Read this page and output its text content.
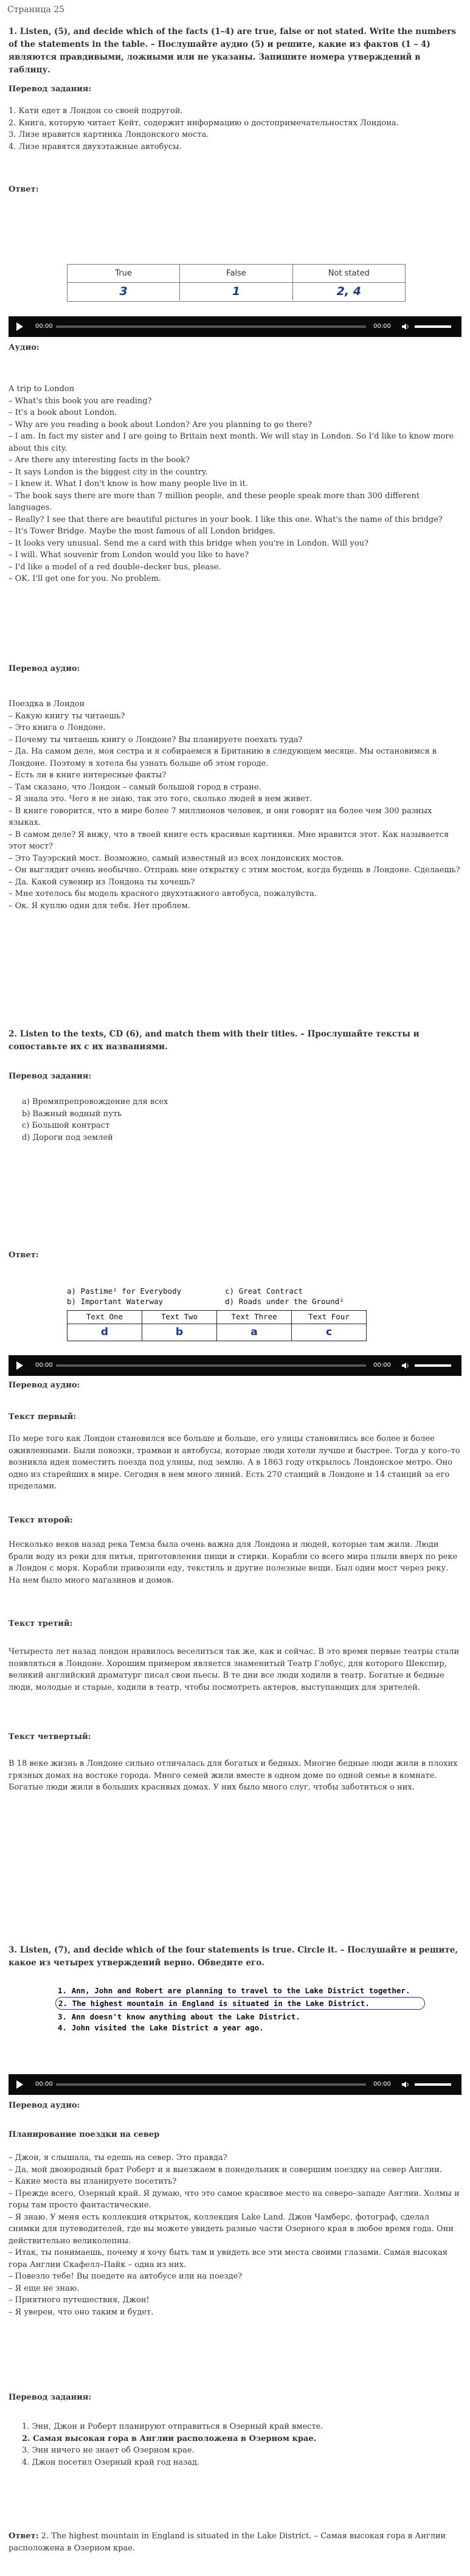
Страница 25

1. Listen, (5), and decide which of the facts (1–4) are true, false or not stated. Write the numbers of the statements in the table. – Послушайте аудио (5) и решите, какие из фактов (1 – 4) являются правдивыми, ложными или не указаны. Запишите номера утверждений в таблицу.

Перевод задания:

1. Кати едет в Лондон со своей подругой.

2. Книга, которую читает Кейт, содержит информацию о достопримечательностях Лондона.

3. Лизе нравится картинка Лондонского моста.

4. Лизе нравятся двухэтажные автобусы.

Ответ:

True	False	Not stated
3	1	2, 4
00:00	00:00

Аудио:

A trip to London

– What's this book you are reading?

– It's a book about London.

– Why are you reading a book about London? Are you planning to go there?

– I am. In fact my sister and I are going to Britain next month. We will stay in London. So I'd like to know more about this city.

– Are there any interesting facts in the book?

– It says London is the biggest city in the country.

– I knew it. What I don't know is how many people live in it.

– The book says there are more than 7 million people, and these people speak more than 300 different languages.

– Really? I see that there are beautiful pictures in your book. I like this one. What's the name of this bridge?

– It's Tower Bridge. Maybe the most famous of all London bridges.

– It looks very unusual. Send me a card with this bridge when you're in London. Will you?

– I will. What souvenir from London would you like to have?

– I'd like a model of a red double–decker bus, please.

– OK. I'll get one for you. No problem.

Перевод аудио:

Поездка в Лондон

– Какую книгу ты читаешь?

– Это книга о Лондоне.

– Почему ты читаешь книгу о Лондоне? Вы планируете поехать туда?

– Да. На самом деле, моя сестра и я собираемся в Британию в следующем месяце. Мы остановимся в Лондоне. Поэтому я хотела бы узнать больше об этом городе.

– Есть ли в книге интересные факты?

– Там сказано, что Лондон – самый большой город в стране.

– Я знала это. Чего я не знаю, так это того, сколько людей в нем живет.

– В книге говорится, что в мире более 7 миллионов человек, и они говорят на более чем 300 разных языках.

– В самом деле? Я вижу, что в твоей книге есть красивые картинки. Мне нравится этот. Как называется этот мост?

– Это Тауэрский мост. Возможно, самый известный из всех лондонских мостов.

– Он выглядит очень необычно. Отправь мне открытку с этим мостом, когда будешь в Лондоне. Сделаешь?

– Да. Какой сувенир из Лондона ты хочешь?

– Мне хотелось бы модель красного двухэтажного автобуса, пожалуйста.

– Ок. Я куплю один для тебя. Нет проблем.

2. Listen to the texts, CD (6), and match them with their titles. – Прослушайте тексты и сопоставьте их с их названиями.

Перевод задания:

a) Времяпрепровождение для всех
b) Важный водный путь
c) Большой контраст
d) Дороги под землей

Ответ:

a) Pastime¹ for Everybody	c) Great Contract
b) Important Waterway	d) Roads under the Ground²
Text One	Text Two	Text Three	Text Four
d	b	a	c
00:00	00:00

Перевод аудио:

Текст первый:

По мере того как Лондон становился все больше и больше, его улицы становились все более и более оживленными. Были повозки, трамваи и автобусы, которые люди хотели лучше и быстрее. Тогда у кого–то возникла идея поместить поезда под улицы, под землю. А в 1863 году открылось Лондонское метро. Оно одно из старейших в мире. Сегодня в нем много линий. Есть 270 станций в Лондоне и 14 станций за его пределами.

Текст второй:

Несколько веков назад река Темза была очень важна для Лондона и людей, которые там жили. Люди брали воду из реки для питья, приготовления пищи и стирки. Корабли со всего мира плыли вверх по реке в Лондон с моря. Корабли привозили еду, текстиль и другие полезные вещи. Был один мост через реку. На нем было много магазинов и домов.

Текст третий:

Четыреста лет назад лондон нравилось веселиться так же, как и сейчас. В это время первые театры стали появляться в Лондоне. Хорошим примером является знаменитый Театр Глобус, для которого Шекспир, великий английский драматург писал свои пьесы. В те дни все люди ходили в театр. Богатые и бедные люди, молодые и старые, ходили в театр, чтобы посмотреть актеров, выступающих для зрителей.

Текст четвертый:

В 18 веке жизнь в Лондоне сильно отличалась для богатых и бедных. Многие бедные люди жили в плохих грязных домах на востоке города. Много семей жили вместе в одном доме по одной семье в комнате. Богатые люди жили в больших красивых домах. У них было много слуг, чтобы заботиться о них.

3. Listen, (7), and decide which of the four statements is true. Circle it. – Послушайте и решите, какое из четырех утверждений верно. Обведите его.

1. Ann, John and Robert are planning to travel to the Lake District together.

2. The highest mountain in England is situated in the Lake District.

3. Ann doesn't know anything about the Lake District.

4. John visited the Lake District a year ago.

00:00	00:00

Перевод аудио:

Планирование поездки на север

– Джон, я слышала, ты едешь на север. Это правда?

– Да, мой двоюродный брат Роберт и я выезжаем в понедельник и совершим поездку на север Англии.

– Какие места вы планируете посетить?

– Прежде всего, Озерный край. Я думаю, что это самое красивое место на северо–западе Англии. Холмы и горы там просто фантастические.

– Я знаю. У меня есть коллекция открыток, коллекция Lake Land. Джон Чамберс, фотограф, сделал снимки для путеводителей, где вы можете увидеть разные части Озерного края в любое время года. Они действительно великолепны.

– Итак, ты понимаешь, почему я хочу быть там и увидеть все эти места своими глазами. Самая высокая гора Англии Скафелл–Пайк – одна из них.

– Повезло тебе! Вы поедете на автобусе или на поезде?

– Я еще не знаю.

– Приятного путешествия, Джон!

– Я уверен, что оно таким и будет.

Перевод задания:

1. Энн, Джон и Роберт планируют отправиться в Озерный край вместе.
2. Самая высокая гора в Англии расположена в Озерном крае.
3. Энн ничего не знает об Озерном крае.
4. Джон посетил Озерный край год назад.

Ответ: 2. The highest mountain in England is situated in the Lake District. – Самая высокая гора в Англии расположена в Озерном крае.
